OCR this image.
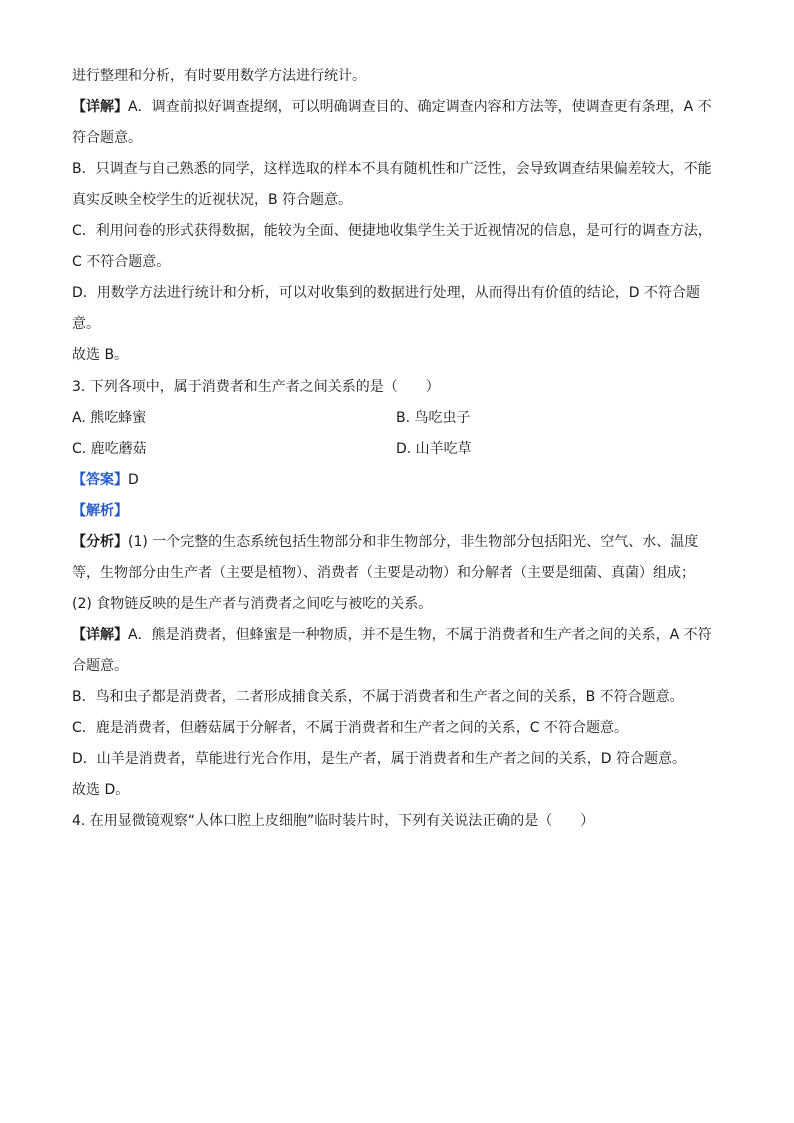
进行整理和分析，有时要用数学方法进行统计。
【详解】A．调查前拟好调查提纲，可以明确调查目的、确定调查内容和方法等，使调查更有条理，A 不
符合题意。
B．只调查与自己熟悉的同学，这样选取的样本不具有随机性和广泛性，会导致调查结果偏差较大，不能
真实反映全校学生的近视状况，B 符合题意。
C．利用问卷的形式获得数据，能较为全面、便捷地收集学生关于近视情况的信息，是可行的调查方法，
C 不符合题意。
D．用数学方法进行统计和分析，可以对收集到的数据进行处理，从而得出有价值的结论，D 不符合题
意。
故选 B。
3. 下列各项中，属于消费者和生产者之间关系的是（　　）
A. 熊吃蜂蜜	B. 鸟吃虫子
C. 鹿吃蘑菇	D. 山羊吃草
【答案】D
【解析】
【分析】(1) 一个完整的生态系统包括生物部分和非生物部分，非生物部分包括阳光、空气、水、温度
等，生物部分由生产者（主要是植物）、消费者（主要是动物）和分解者（主要是细菌、真菌）组成；
(2) 食物链反映的是生产者与消费者之间吃与被吃的关系。
【详解】A．熊是消费者，但蜂蜜是一种物质，并不是生物，不属于消费者和生产者之间的关系，A 不符
合题意。
B．鸟和虫子都是消费者，二者形成捕食关系，不属于消费者和生产者之间的关系，B 不符合题意。
C．鹿是消费者，但蘑菇属于分解者，不属于消费者和生产者之间的关系，C 不符合题意。
D．山羊是消费者，草能进行光合作用，是生产者，属于消费者和生产者之间的关系，D 符合题意。
故选 D。
4. 在用显微镜观察“人体口腔上皮细胞”临时装片时，下列有关说法正确的是（　　）
